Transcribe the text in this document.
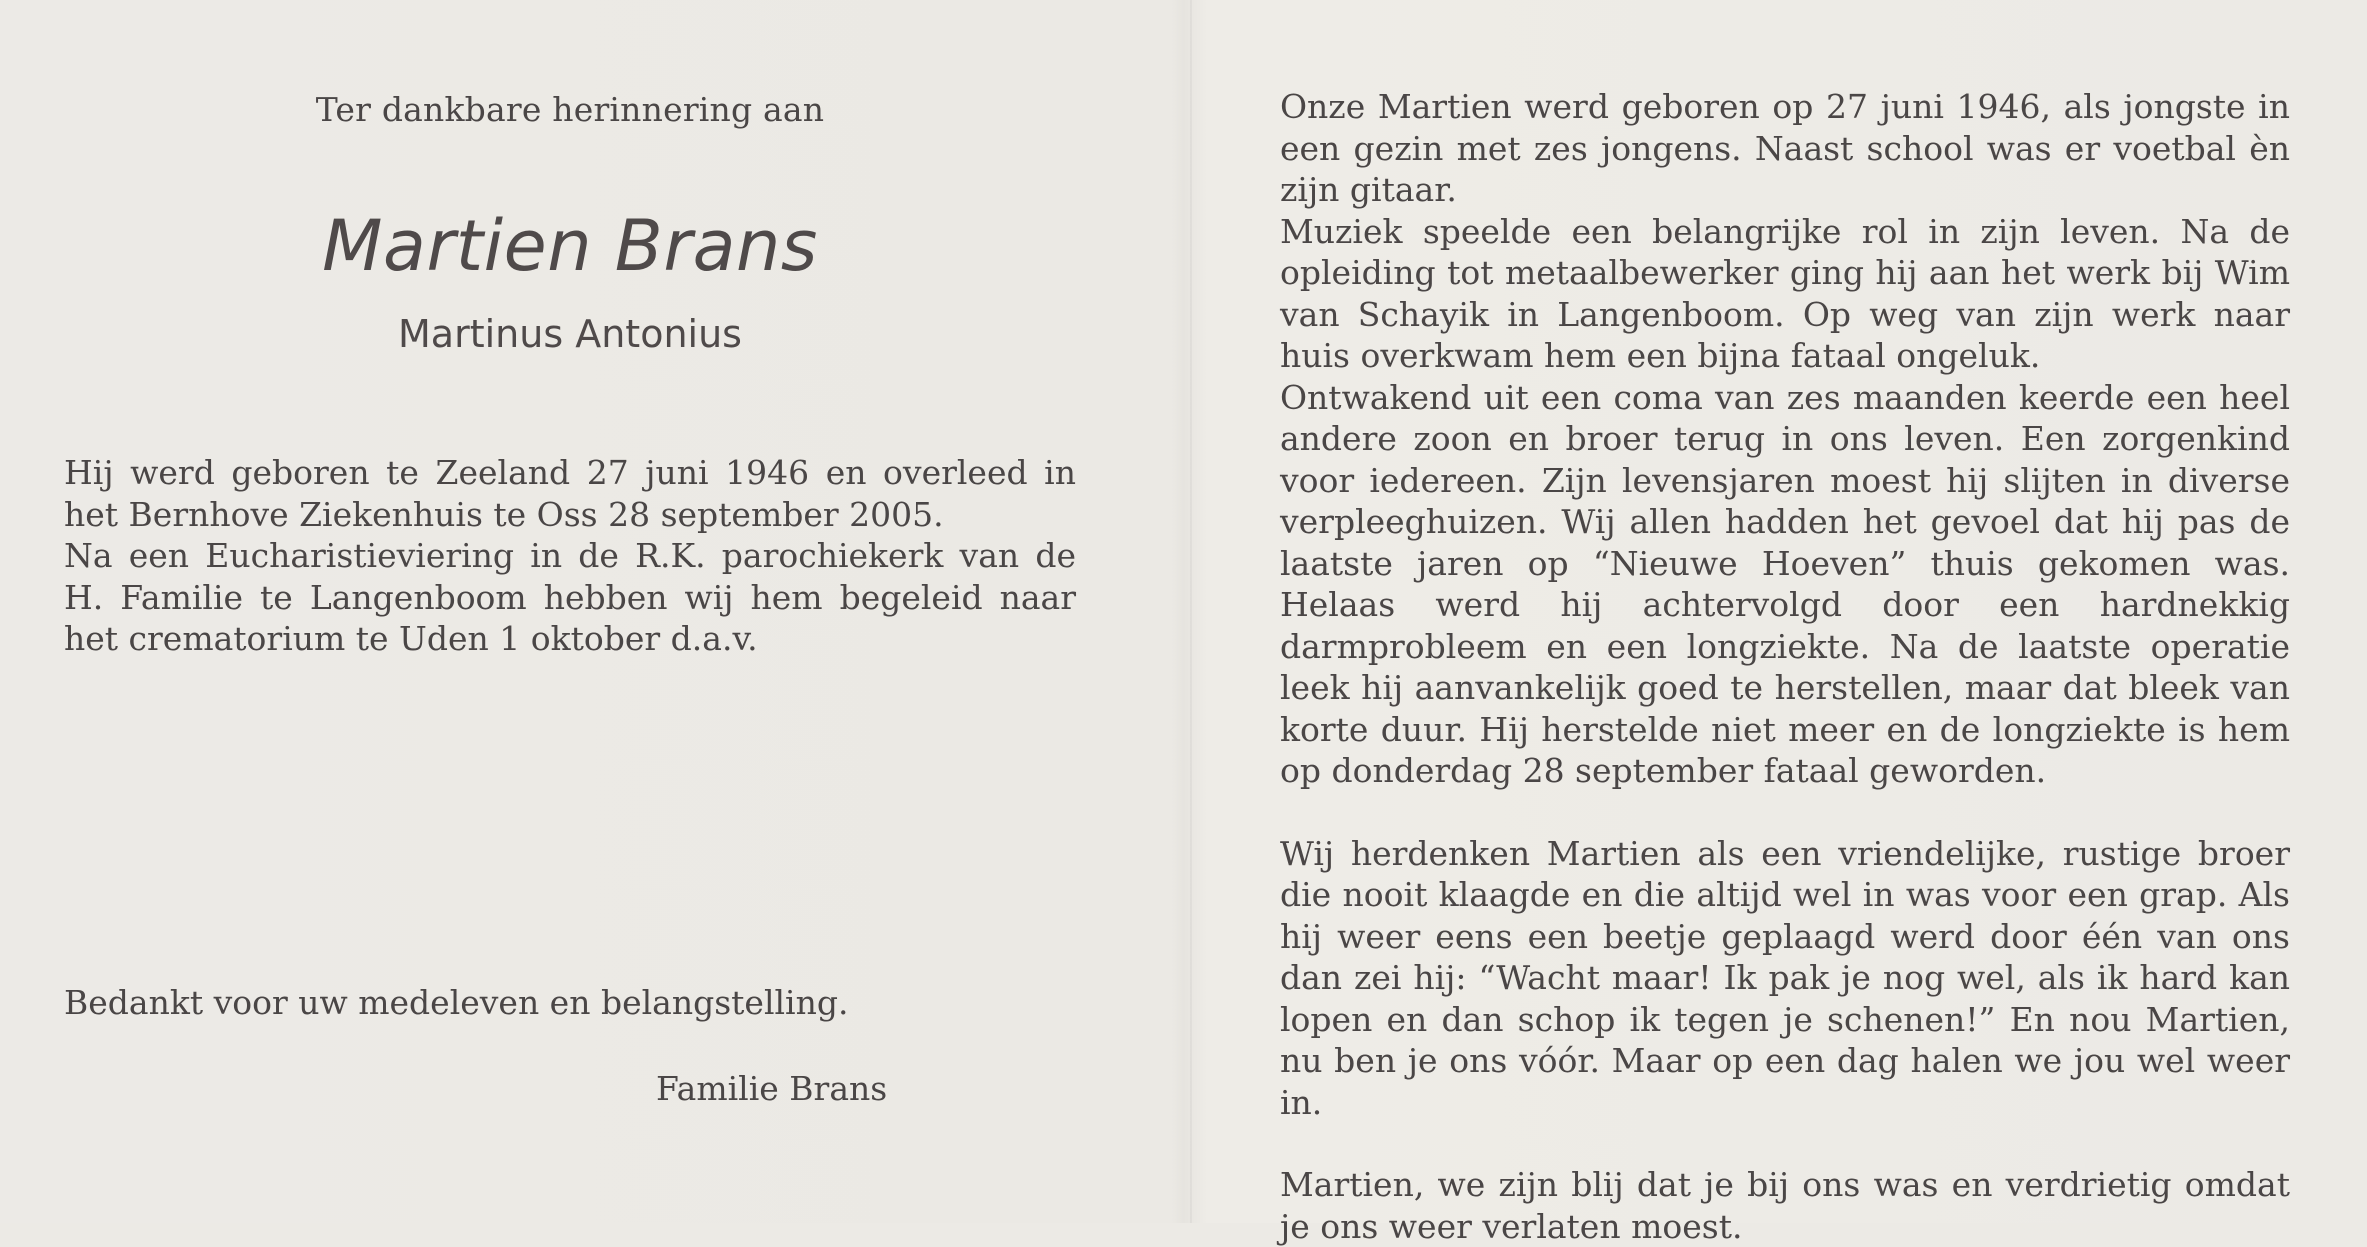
Ter dankbare herinnering aan
Martien Brans
Martinus Antonius

Hij werd geboren te Zeeland 27 juni 1946 en overleed in het Bernhove Ziekenhuis te Oss 28 september 2005.

Na een Eucharistieviering in de R.K. parochiekerk van de H. Familie te Langenboom hebben wij hem begeleid naar het crematorium te Uden 1 oktober d.a.v.

Bedankt voor uw medeleven en belangstelling.
Familie Brans

Onze Martien werd geboren op 27 juni 1946, als jongste in een gezin met zes jongens. Naast school was er voetbal èn zijn gitaar.

Muziek speelde een belangrijke rol in zijn leven. Na de opleiding tot metaalbewerker ging hij aan het werk bij Wim van Schayik in Langenboom. Op weg van zijn werk naar huis overkwam hem een bijna fataal ongeluk.

Ontwakend uit een coma van zes maanden keerde een heel andere zoon en broer terug in ons leven. Een zorgenkind voor iedereen. Zijn levensjaren moest hij slijten in diverse verpleeghuizen. Wij allen hadden het gevoel dat hij pas de laatste jaren op “Nieuwe Hoeven” thuis gekomen was. Helaas werd hij achtervolgd door een hardnekkig darmprobleem en een longziekte. Na de laatste operatie leek hij aanvankelijk goed te herstellen, maar dat bleek van korte duur. Hij herstelde niet meer en de longziekte is hem op donderdag 28 september fataal geworden.

Wij herdenken Martien als een vriendelijke, rustige broer die nooit klaagde en die altijd wel in was voor een grap. Als hij weer eens een beetje geplaagd werd door één van ons dan zei hij: “Wacht maar! Ik pak je nog wel, als ik hard kan lopen en dan schop ik tegen je schenen!” En nou Martien, nu ben je ons vóór. Maar op een dag halen we jou wel weer in.

Martien, we zijn blij dat je bij ons was en verdrietig omdat je ons weer verlaten moest.
